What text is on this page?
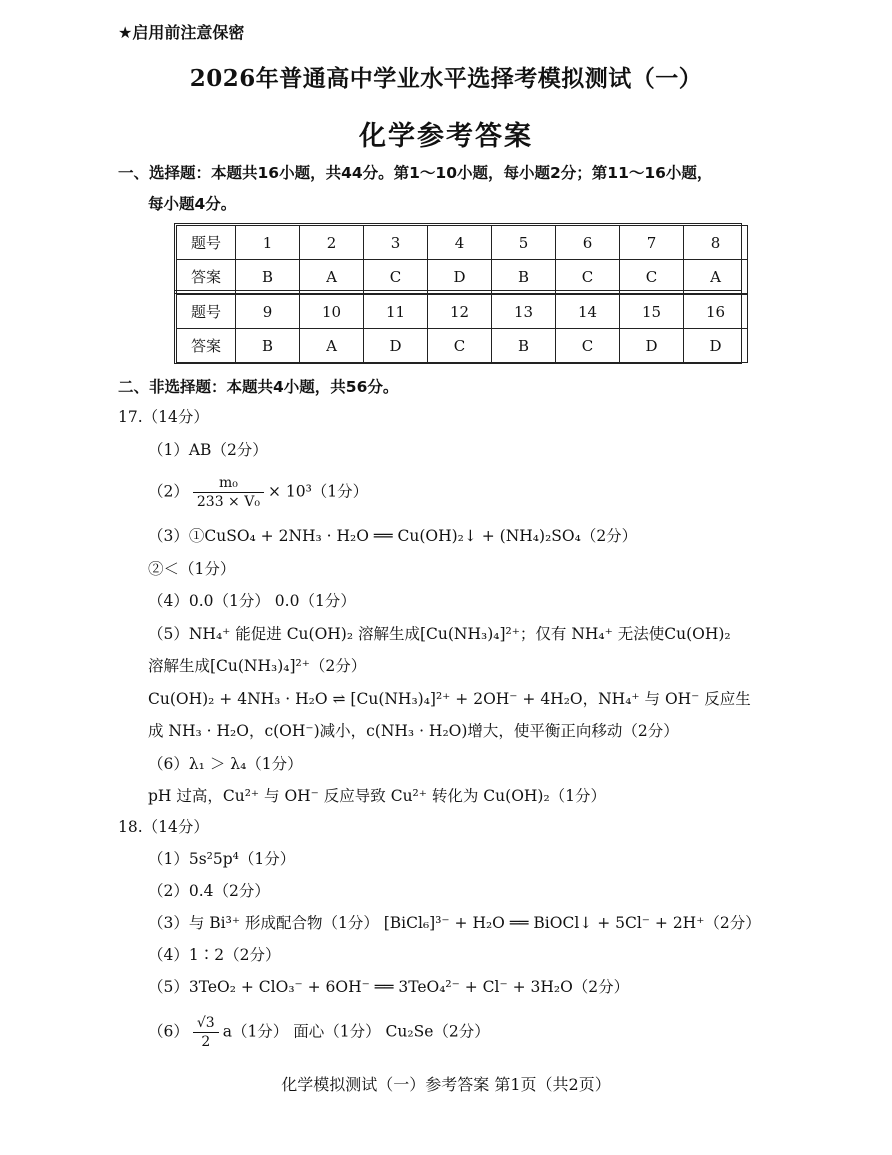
★启用前注意保密
2026年普通高中学业水平选择考模拟测试（一）
化学参考答案
一、选择题：本题共16小题，共44分。第1～10小题，每小题2分；第11～16小题，
每小题4分。
题号	1	2	3	4	5	6	7	8
答案	B	A	C	D	B	C	C	A
题号	9	10	11	12	13	14	15	16
答案	B	A	D	C	B	C	D	D
二、非选择题：本题共4小题，共56分。
17.（14分）
（1）AB（2分）
$(2) \frac{\text{m₀}}{\text{233 × V₀}} \times 10^3(1$分）
（3）①CuSO₄ + 2NH₃ · H₂O ══ Cu(OH)₂↓ + (NH₄)₂SO₄（2分）
②＜（1分）
（4）0.0（1分） 0.0（1分）
（5）NH₄⁺ 能促进 Cu(OH)₂ 溶解生成[Cu(NH₃)₄]²⁺；仅有 NH₄⁺ 无法使Cu(OH)₂
溶解生成[Cu(NH₃)₄]²⁺（2分）
Cu(OH)₂ + 4NH₃ · H₂O ⇌ [Cu(NH₃)₄]²⁺ + 2OH⁻ + 4H₂O，NH₄⁺ 与 OH⁻ 反应生
成 NH₃ · H₂O，c(OH⁻)减小，c(NH₃ · H₂O)增大，使平衡正向移动（2分）
（6）λ₁ ＞ λ₄（1分）
pH 过高，Cu²⁺ 与 OH⁻ 反应导致 Cu²⁺ 转化为 Cu(OH)₂（1分）
18.（14分）
（1）5s²5p⁴（1分）
（2）0.4（2分）
（3）与 Bi³⁺ 形成配合物（1分） [BiCl₆]³⁻ + H₂O ══ BiOCl↓ + 5Cl⁻ + 2H⁺（2分）
（4）1∶2（2分）
（5）3TeO₂ + ClO₃⁻ + 6OH⁻ ══ 3TeO₄²⁻ + Cl⁻ + 3H₂O（2分）
$(6) \frac{√3}{2} a(1$分） 面心（1分） Cu₂Se（2分）
化学模拟测试（一）参考答案 第1页（共2页）
